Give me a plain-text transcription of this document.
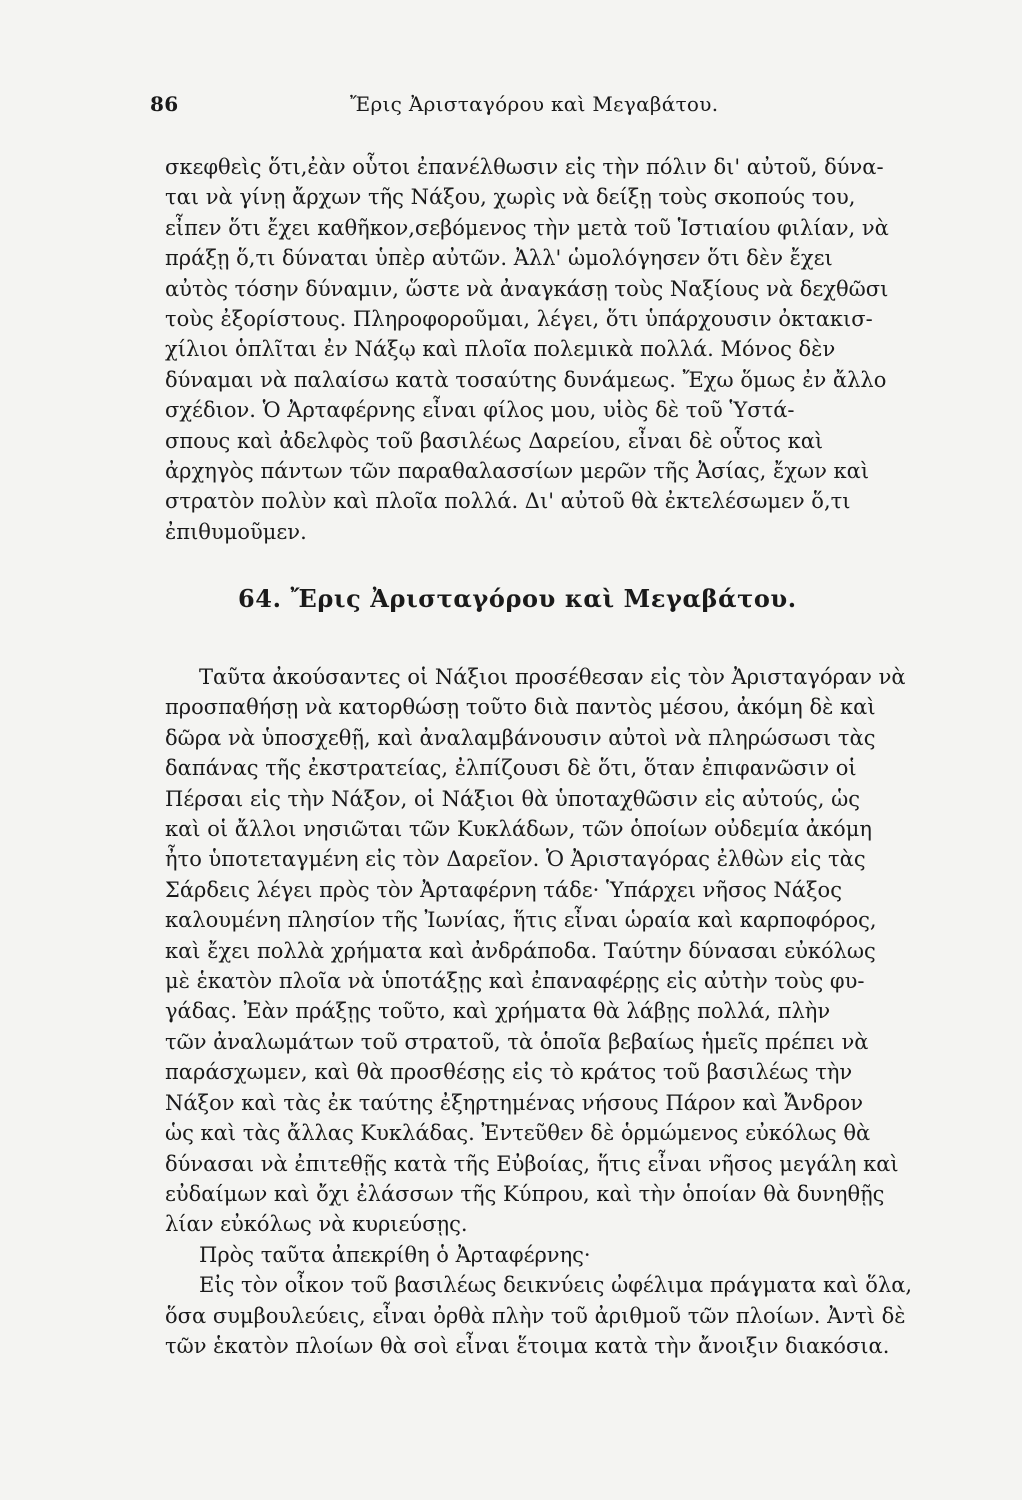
86	Ἔρις Ἀρισταγόρου καὶ Μεγαβάτου.
σκεφθεὶς ὅτι,ἐὰν οὗτοι ἐπανέλθωσιν εἰς τὴν πόλιν δι' αὐτοῦ, δύνα-
ται νὰ γίνῃ ἄρχων τῆς Νάξου, χωρὶς νὰ δείξῃ τοὺς σκοπούς του,
εἶπεν ὅτι ἔχει καθῆκον,σεβόμενος τὴν μετὰ τοῦ Ἱστιαίου φιλίαν, νὰ
πράξῃ ὅ,τι δύναται ὑπὲρ αὐτῶν. Ἀλλ' ὡμολόγησεν ὅτι δὲν ἔχει
αὐτὸς τόσην δύναμιν, ὥστε νὰ ἀναγκάσῃ τοὺς Ναξίους νὰ δεχθῶσι
τοὺς ἐξορίστους. Πληροφοροῦμαι, λέγει, ὅτι ὑπάρχουσιν ὀκτακισ-
χίλιοι ὁπλῖται ἐν Νάξῳ καὶ πλοῖα πολεμικὰ πολλά. Μόνος δὲν
δύναμαι νὰ παλαίσω κατὰ τοσαύτης δυνάμεως. Ἔχω ὅμως ἐν ἄλλο
σχέδιον. Ὁ Ἀρταφέρνης εἶναι φίλος μου, υἱὸς δὲ τοῦ Ὑστά-
σπους καὶ ἀδελφὸς τοῦ βασιλέως Δαρείου, εἶναι δὲ οὗτος καὶ
ἀρχηγὸς πάντων τῶν παραθαλασσίων μερῶν τῆς Ἀσίας, ἔχων καὶ
στρατὸν πολὺν καὶ πλοῖα πολλά. Δι' αὐτοῦ θὰ ἐκτελέσωμεν ὅ,τι
ἐπιθυμοῦμεν.
64. Ἔρις Ἀρισταγόρου καὶ Μεγαβάτου.
Ταῦτα ἀκούσαντες οἱ Νάξιοι προσέθεσαν εἰς τὸν Ἀρισταγόραν νὰ
προσπαθήσῃ νὰ κατορθώσῃ τοῦτο διὰ παντὸς μέσου, ἀκόμη δὲ καὶ
δῶρα νὰ ὑποσχεθῇ, καὶ ἀναλαμβάνουσιν αὐτοὶ νὰ πληρώσωσι τὰς
δαπάνας τῆς ἐκστρατείας, ἐλπίζουσι δὲ ὅτι, ὅταν ἐπιφανῶσιν οἱ
Πέρσαι εἰς τὴν Νάξον, οἱ Νάξιοι θὰ ὑποταχθῶσιν εἰς αὐτούς, ὡς
καὶ οἱ ἄλλοι νησιῶται τῶν Κυκλάδων, τῶν ὁποίων οὐδεμία ἀκόμη
ἦτο ὑποτεταγμένη εἰς τὸν Δαρεῖον. Ὁ Ἀρισταγόρας ἐλθὼν εἰς τὰς
Σάρδεις λέγει πρὸς τὸν Ἀρταφέρνη τάδε· Ὑπάρχει νῆσος Νάξος
καλουμένη πλησίον τῆς Ἰωνίας, ἥτις εἶναι ὡραία καὶ καρποφόρος,
καὶ ἔχει πολλὰ χρήματα καὶ ἀνδράποδα. Ταύτην δύνασαι εὐκόλως
μὲ ἑκατὸν πλοῖα νὰ ὑποτάξῃς καὶ ἐπαναφέρῃς εἰς αὐτὴν τοὺς φυ-
γάδας. Ἐὰν πράξῃς τοῦτο, καὶ χρήματα θὰ λάβῃς πολλά, πλὴν
τῶν ἀναλωμάτων τοῦ στρατοῦ, τὰ ὁποῖα βεβαίως ἡμεῖς πρέπει νὰ
παράσχωμεν, καὶ θὰ προσθέσῃς εἰς τὸ κράτος τοῦ βασιλέως τὴν
Νάξον καὶ τὰς ἐκ ταύτης ἐξηρτημένας νήσους Πάρον καὶ Ἄνδρον
ὡς καὶ τὰς ἄλλας Κυκλάδας. Ἐντεῦθεν δὲ ὁρμώμενος εὐκόλως θὰ
δύνασαι νὰ ἐπιτεθῇς κατὰ τῆς Εὐβοίας, ἥτις εἶναι νῆσος μεγάλη καὶ
εὐδαίμων καὶ ὄχι ἐλάσσων τῆς Κύπρου, καὶ τὴν ὁποίαν θὰ δυνηθῇς
λίαν εὐκόλως νὰ κυριεύσῃς.
Πρὸς ταῦτα ἀπεκρίθη ὁ Ἀρταφέρνης·
Εἰς τὸν οἶκον τοῦ βασιλέως δεικνύεις ὠφέλιμα πράγματα καὶ ὅλα,
ὅσα συμβουλεύεις, εἶναι ὀρθὰ πλὴν τοῦ ἀριθμοῦ τῶν πλοίων. Ἀντὶ δὲ
τῶν ἑκατὸν πλοίων θὰ σοὶ εἶναι ἕτοιμα κατὰ τὴν ἄνοιξιν διακόσια.
